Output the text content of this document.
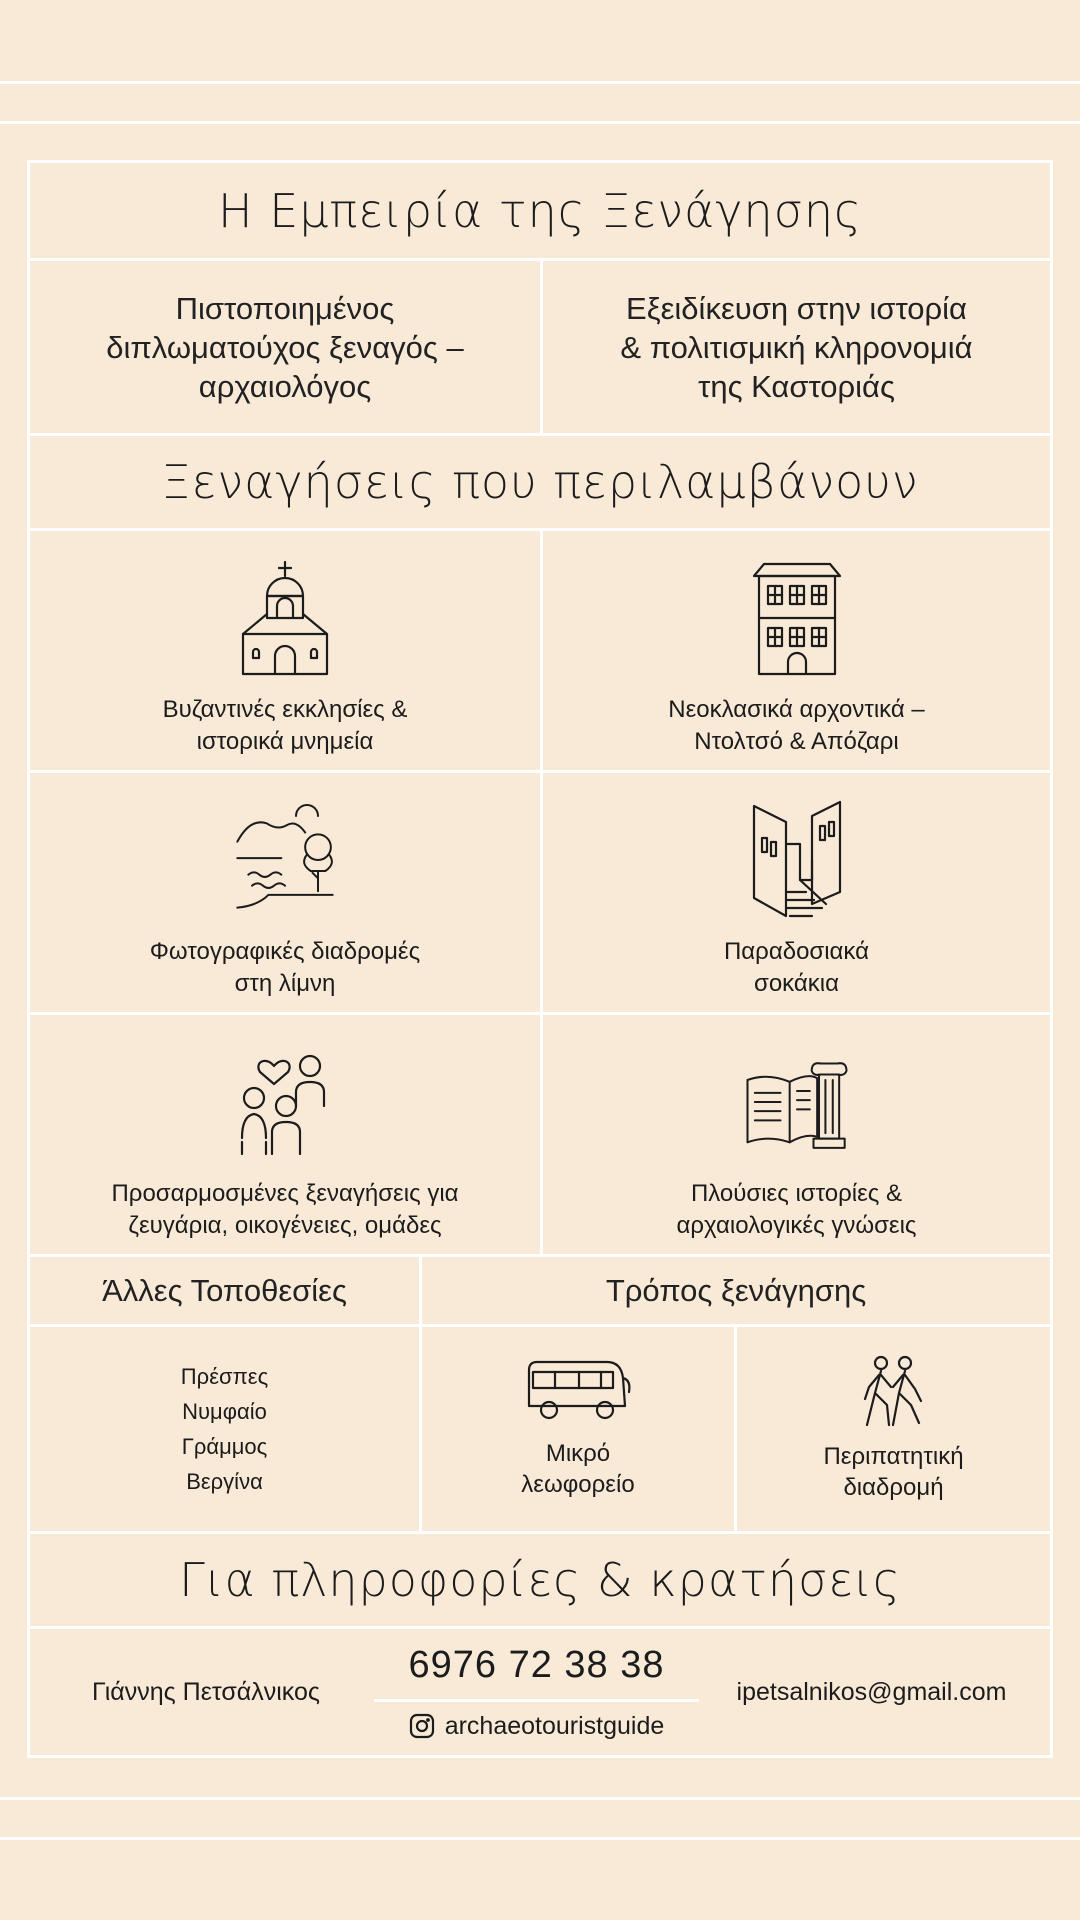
Η Εμπειρία της Ξενάγησης
Πιστοποιημένος
διπλωματούχος ξεναγός –
αρχαιολόγος
Εξειδίκευση στην ιστορία
& πολιτισμική κληρονομιά
της Καστοριάς
Ξεναγήσεις που περιλαμβάνουν
Βυζαντινές εκκλησίες &
ιστορικά μνημεία
Νεοκλασικά αρχοντικά –
Ντολτσό & Απόζαρι
Φωτογραφικές διαδρομές
στη λίμνη
Παραδοσιακά
σοκάκια
Προσαρμοσμένες ξεναγήσεις για
ζευγάρια, οικογένειες, ομάδες
Πλούσιες ιστορίες &
αρχαιολογικές γνώσεις
Άλλες Τοποθεσίες	Τρόπος ξενάγησης
Πρέσπες
Νυμφαίο
Γράμμος
Βεργίνα
Μικρό
λεωφορείο
Περιπατητική
διαδρομή
Για πληροφορίες & κρατήσεις
Γιάννης Πετσάλνικος
6976 72 38 38
archaeotouristguide
ipetsalnikos@gmail.com
